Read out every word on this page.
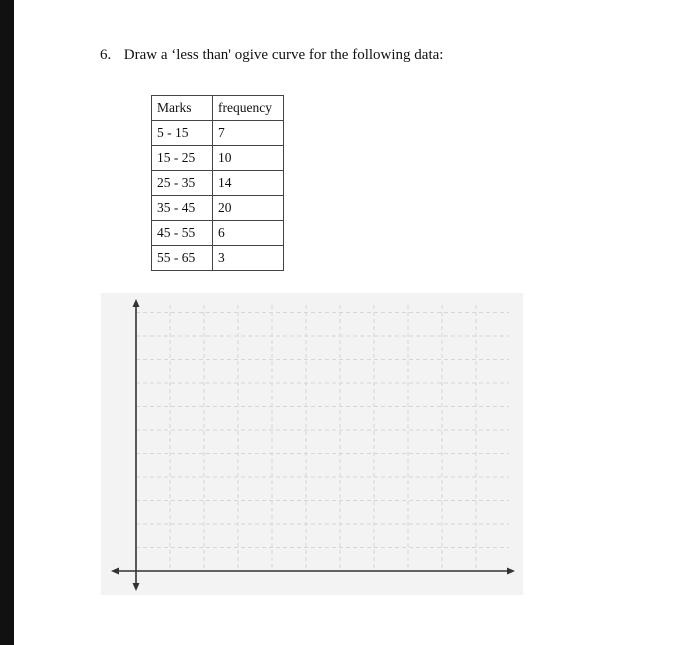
6. Draw a ‘less than' ogive curve for the following data:
Marks	frequency
5 - 15	7
15 - 25	10
25 - 35	14
35 - 45	20
45 - 55	6
55 - 65	3
